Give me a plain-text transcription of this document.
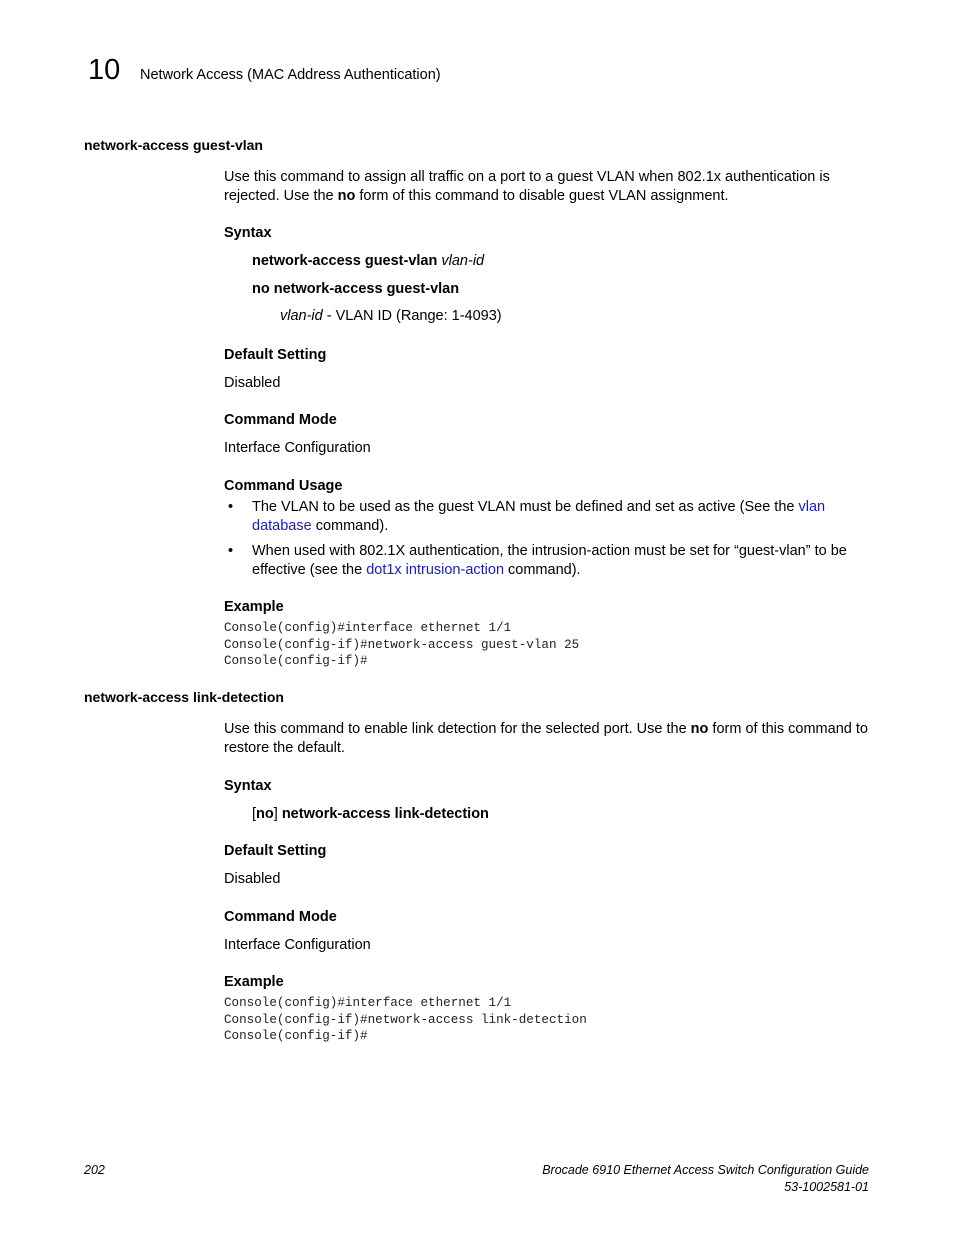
10 Network Access (MAC Address Authentication)
network-access guest-vlan
Use this command to assign all traffic on a port to a guest VLAN when 802.1x authentication is rejected. Use the no form of this command to disable guest VLAN assignment.
Syntax
network-access guest-vlan vlan-id
no network-access guest-vlan
vlan-id - VLAN ID (Range: 1-4093)
Default Setting
Disabled
Command Mode
Interface Configuration
Command Usage
• The VLAN to be used as the guest VLAN must be defined and set as active (See the vlan database command).
• When used with 802.1X authentication, the intrusion-action must be set for “guest-vlan” to be effective (see the dot1x intrusion-action command).
Example
Console(config)#interface ethernet 1/1
Console(config-if)#network-access guest-vlan 25
Console(config-if)#
network-access link-detection
Use this command to enable link detection for the selected port. Use the no form of this command to restore the default.
Syntax
[no] network-access link-detection
Default Setting
Disabled
Command Mode
Interface Configuration
Example
Console(config)#interface ethernet 1/1
Console(config-if)#network-access link-detection
Console(config-if)#
202	Brocade 6910 Ethernet Access Switch Configuration Guide
53-1002581-01
